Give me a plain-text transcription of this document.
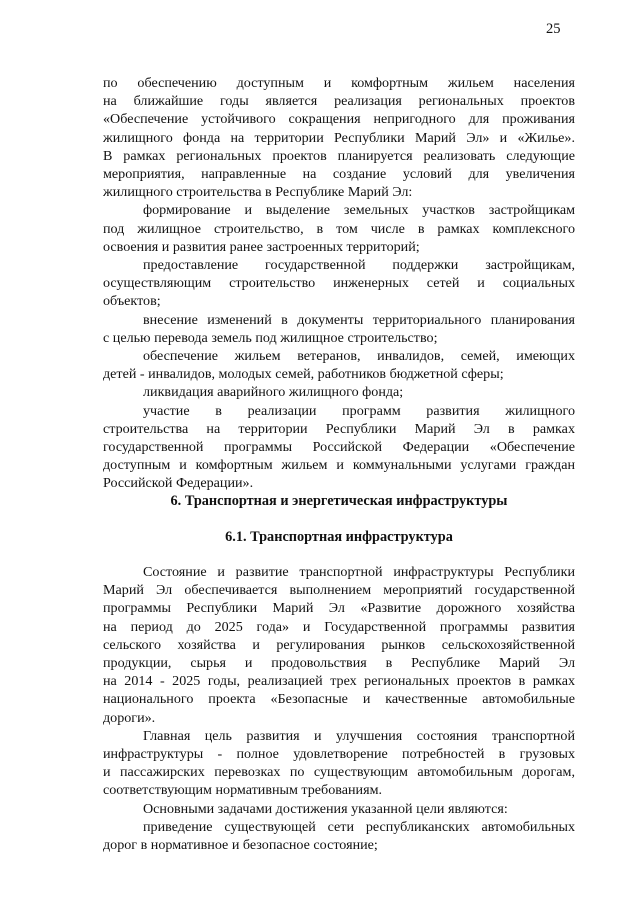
25

по обеспечению доступным и комфортным жильем населения
на ближайшие годы является реализация региональных проектов
«Обеспечение устойчивого сокращения непригодного для проживания
жилищного фонда на территории Республики Марий Эл» и «Жилье».
В рамках региональных проектов планируется реализовать следующие
мероприятия, направленные на создание условий для увеличения
жилищного строительства в Республике Марий Эл:

формирование и выделение земельных участков застройщикам
под жилищное строительство, в том числе в рамках комплексного
освоения и развития ранее застроенных территорий;

предоставление государственной поддержки застройщикам,
осуществляющим строительство инженерных сетей и социальных
объектов;

внесение изменений в документы территориального планирования
с целью перевода земель под жилищное строительство;

обеспечение жильем ветеранов, инвалидов, семей, имеющих
детей - инвалидов, молодых семей, работников бюджетной сферы;

ликвидация аварийного жилищного фонда;

участие в реализации программ развития жилищного
строительства на территории Республики Марий Эл в рамках
государственной программы Российской Федерации «Обеспечение
доступным и комфортным жильем и коммунальными услугами граждан
Российской Федерации».

6. Транспортная и энергетическая инфраструктуры
6.1. Транспортная инфраструктура

Состояние и развитие транспортной инфраструктуры Республики
Марий Эл обеспечивается выполнением мероприятий государственной
программы Республики Марий Эл «Развитие дорожного хозяйства
на период до 2025 года» и Государственной программы развития
сельского хозяйства и регулирования рынков сельскохозяйственной
продукции, сырья и продовольствия в Республике Марий Эл
на 2014 - 2025 годы, реализацией трех региональных проектов в рамках
национального проекта «Безопасные и качественные автомобильные
дороги».

Главная цель развития и улучшения состояния транспортной
инфраструктуры - полное удовлетворение потребностей в грузовых
и пассажирских перевозках по существующим автомобильным дорогам,
соответствующим нормативным требованиям.

Основными задачами достижения указанной цели являются:

приведение существующей сети республиканских автомобильных
дорог в нормативное и безопасное состояние;
